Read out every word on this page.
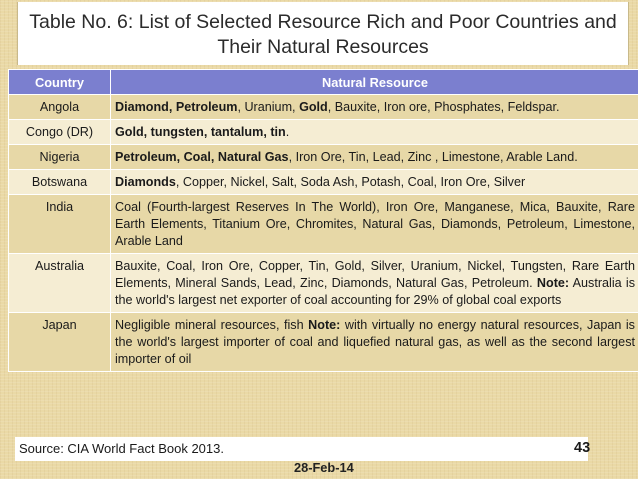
Table No. 6: List of Selected Resource Rich and Poor Countries and Their Natural Resources
Country	Natural Resource
Angola	Diamond, Petroleum, Uranium, Gold, Bauxite, Iron ore, Phosphates, Feldspar.
Congo (DR)	Gold, tungsten, tantalum, tin.
Nigeria	Petroleum, Coal, Natural Gas, Iron Ore, Tin, Lead, Zinc , Limestone, Arable Land.
Botswana	Diamonds, Copper, Nickel, Salt, Soda Ash, Potash, Coal, Iron Ore, Silver
India	Coal (Fourth-largest Reserves In The World), Iron Ore, Manganese, Mica, Bauxite, Rare Earth Elements, Titanium Ore, Chromites, Natural Gas, Diamonds, Petroleum, Limestone, Arable Land
Australia	Bauxite, Coal, Iron Ore, Copper, Tin, Gold, Silver, Uranium, Nickel, Tungsten, Rare Earth Elements, Mineral Sands, Lead, Zinc, Diamonds, Natural Gas, Petroleum. Note: Australia is the world's largest net exporter of coal accounting for 29% of global coal exports
Japan	Negligible mineral resources, fish Note: with virtually no energy natural resources, Japan is the world's largest importer of coal and liquefied natural gas, as well as the second largest importer of oil
Source: CIA World Fact Book 2013.	43
28-Feb-14
